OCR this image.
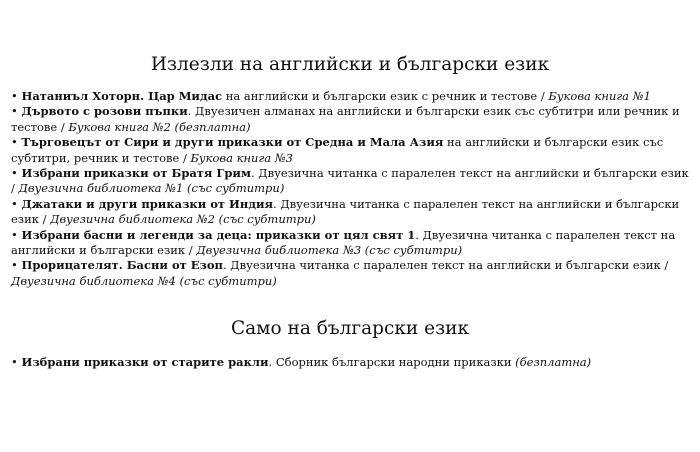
Излезли на английски и български език
• Натаниъл Хоторн. Цар Мидас на английски и български език с речник и тестове / Букова книга №1
• Дървото с розови пъпки. Двуезичен алманах на английски и български език със субтитри или речник и тестове / Букова книга №2 (безплатна)
• Търговецът от Сири и други приказки от Средна и Мала Азия на английски и български език със субтитри, речник и тестове / Букова книга №3
• Избрани приказки от Братя Грим. Двуезична читанка с паралелен текст на английски и български език / Двуезична библиотека №1 (със субтитри)
• Джатаки и други приказки от Индия. Двуезична читанка с паралелен текст на английски и български език / Двуезична библиотека №2 (със субтитри)
• Избрани басни и легенди за деца: приказки от цял свят 1. Двуезична читанка с паралелен текст на английски и български език / Двуезична библиотека №3 (със субтитри)
• Прорицателят. Басни от Езоп. Двуезична читанка с паралелен текст на английски и български език / Двуезична библиотека №4 (със субтитри)
Само на български език
• Избрани приказки от старите ракли. Сборник български народни приказки (безплатна)
